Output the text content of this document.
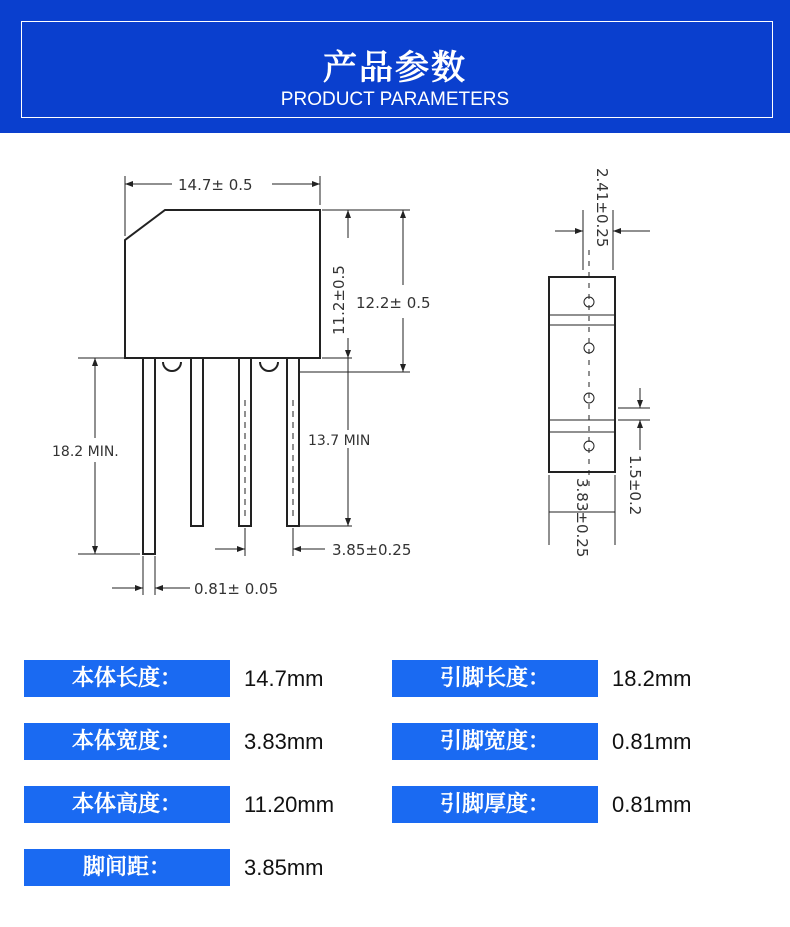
产品参数
PRODUCT PARAMETERS
14.7± 0.5
11.2±0.5 12.2± 0.5
18.2 MIN.
13.7 MIN
3.85±0.25
0.81± 0.05
2.41±0.25
3.83±0.25 1.5±0.2
本体长度：	14.7mm	引脚长度：	18.2mm
本体宽度：	3.83mm	引脚宽度：	0.81mm
本体高度：	11.20mm	引脚厚度：	0.81mm
脚间距：	3.85mm
